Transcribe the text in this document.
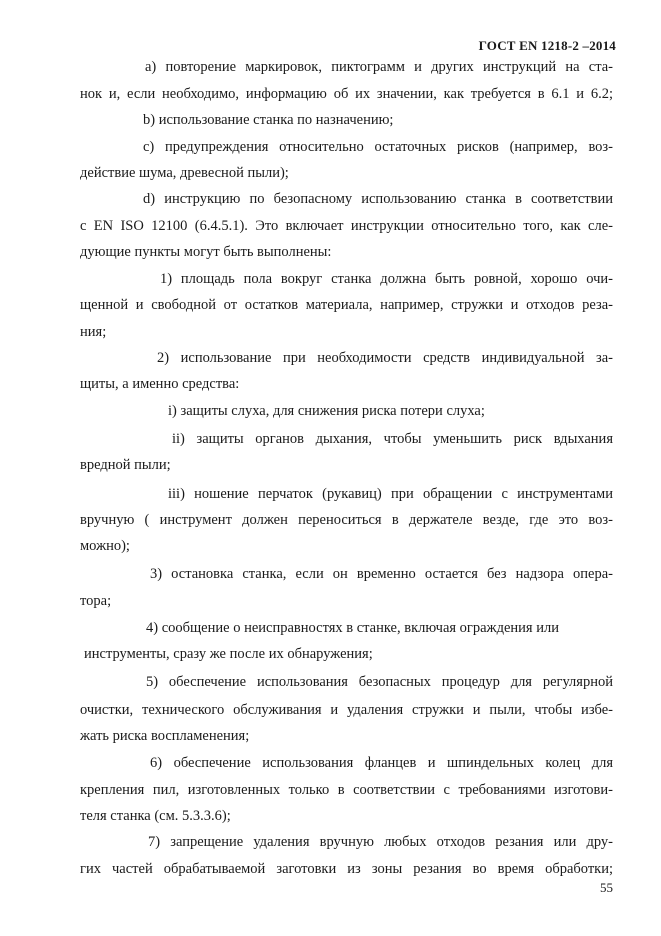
ГОСТ EN 1218-2 –2014
a) повторение маркировок, пиктограмм и других инструкций на ста-
нок и, если необходимо, информацию об их значении, как требуется в 6.1 и 6.2;
b) использование станка по назначению;
c) предупреждения относительно остаточных рисков (например, воз-
действие шума, древесной пыли);
d) инструкцию по безопасному использованию станка в соответствии
с EN ISO 12100 (6.4.5.1). Это включает инструкции относительно того, как сле-
дующие пункты могут быть выполнены:
1) площадь пола вокруг станка должна быть ровной, хорошо очи-
щенной и свободной от остатков материала, например, стружки и отходов реза-
ния;
2) использование при необходимости средств индивидуальной за-
щиты, а именно средства:
i) защиты слуха, для снижения риска потери слуха;
ii) защиты органов дыхания, чтобы уменьшить риск вдыхания
вредной пыли;
iii) ношение перчаток (рукавиц) при обращении с инструментами
вручную ( инструмент должен переноситься в держателе везде, где это воз-
можно);
3) остановка станка, если он временно остается без надзора опера-
тора;
4) сообщение о неисправностях в станке, включая ограждения или
инструменты, сразу же после их обнаружения;
5) обеспечение использования безопасных процедур для регулярной
очистки, технического обслуживания и удаления стружки и пыли, чтобы избе-
жать риска воспламенения;
6) обеспечение использования фланцев и шпиндельных колец для
крепления пил, изготовленных только в соответствии с требованиями изготови-
теля станка (см. 5.3.3.6);
7) запрещение удаления вручную любых отходов резания или дру-
гих частей обрабатываемой заготовки из зоны резания во время обработки;
55
